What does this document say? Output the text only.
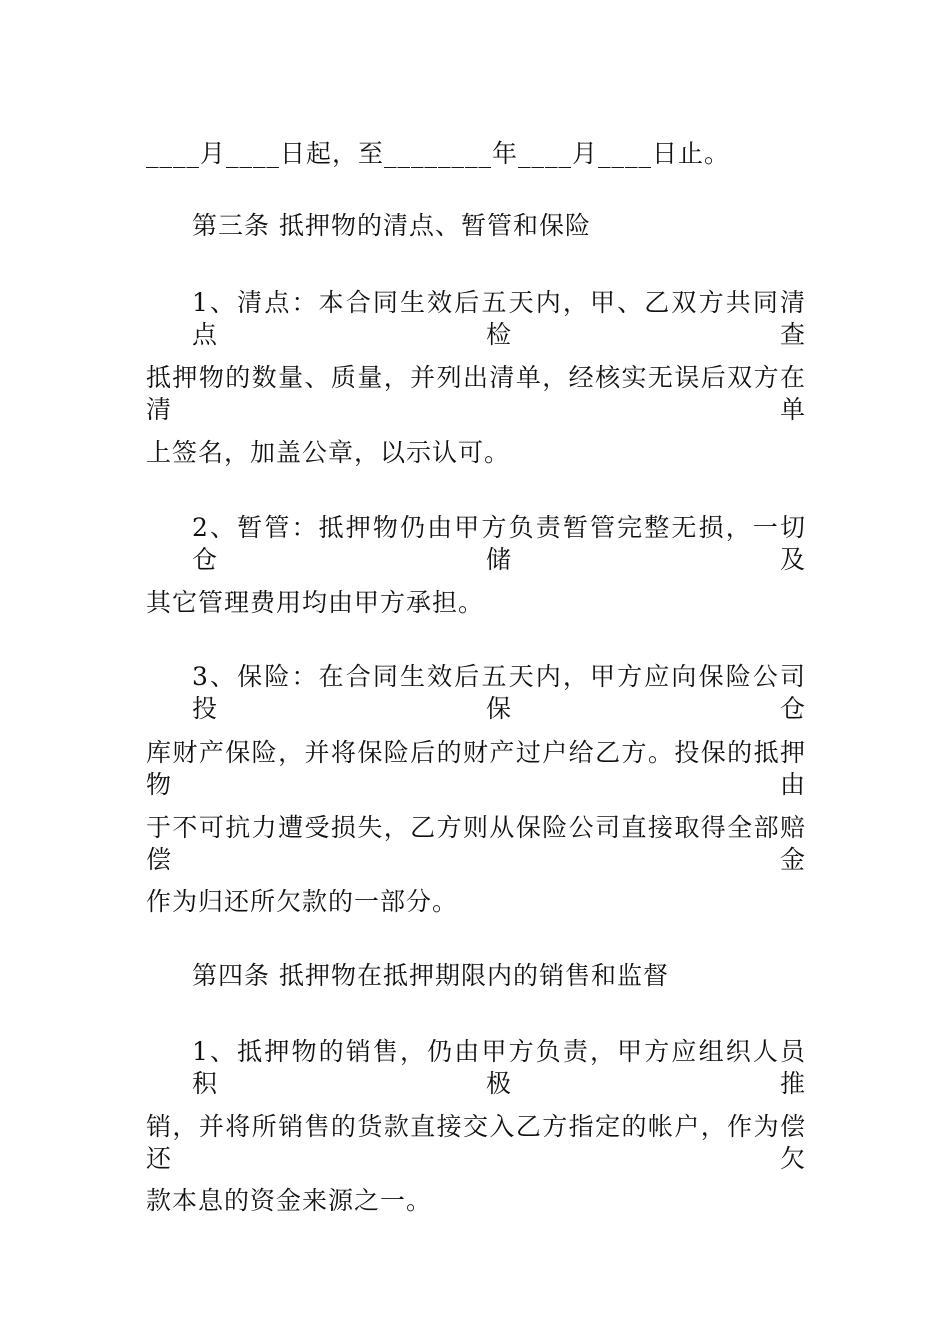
____月____日起，至________年____月____日止。
第三条 抵押物的清点、暂管和保险
1、清点：本合同生效后五天内，甲、乙双方共同清点检查
抵押物的数量、质量，并列出清单，经核实无误后双方在清单
上签名，加盖公章，以示认可。
2、暂管：抵押物仍由甲方负责暂管完整无损，一切仓储及
其它管理费用均由甲方承担。
3、保险：在合同生效后五天内，甲方应向保险公司投保仓
库财产保险，并将保险后的财产过户给乙方。投保的抵押物由
于不可抗力遭受损失，乙方则从保险公司直接取得全部赔偿金
作为归还所欠款的一部分。
第四条 抵押物在抵押期限内的销售和监督
1、抵押物的销售，仍由甲方负责，甲方应组织人员积极推
销，并将所销售的货款直接交入乙方指定的帐户，作为偿还欠
款本息的资金来源之一。
